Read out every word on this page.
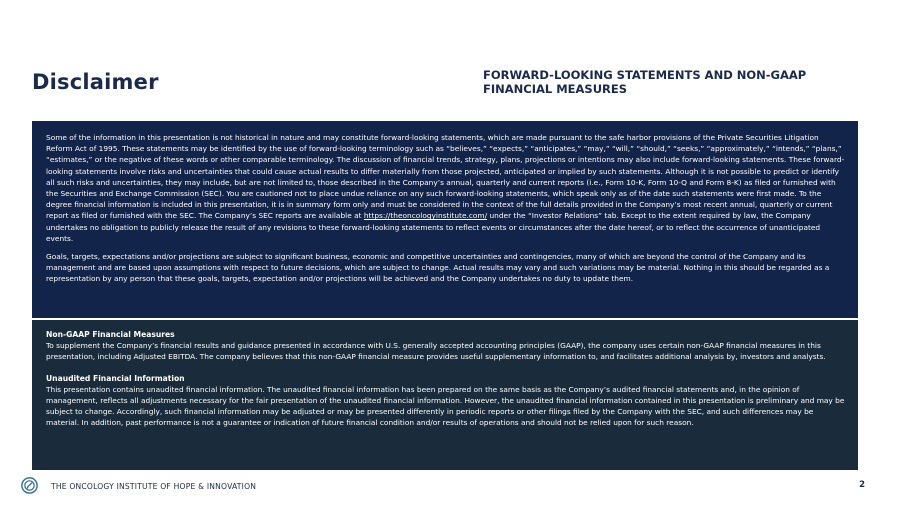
Disclaimer	FORWARD-LOOKING STATEMENTS AND NON-GAAP FINANCIAL MEASURES

Some of the information in this presentation is not historical in nature and may constitute forward-looking statements, which are made pursuant to the safe harbor provisions of the Private Securities Litigation Reform Act of 1995. These statements may be identified by the use of forward-looking terminology such as “believes,” “expects,” “anticipates,” “may,” “will,” “should,” “seeks,” “approximately,” “intends,” “plans,” “estimates,” or the negative of these words or other comparable terminology. The discussion of financial trends, strategy, plans, projections or intentions may also include forward-looking statements. These forward-looking statements involve risks and uncertainties that could cause actual results to differ materially from those projected, anticipated or implied by such statements. Although it is not possible to predict or identify all such risks and uncertainties, they may include, but are not limited to, those described in the Company’s annual, quarterly and current reports (i.e., Form 10-K, Form 10-Q and Form 8-K) as filed or furnished with the Securities and Exchange Commission (SEC). You are cautioned not to place undue reliance on any such forward-looking statements, which speak only as of the date such statements were first made. To the degree financial information is included in this presentation, it is in summary form only and must be considered in the context of the full details provided in the Company’s most recent annual, quarterly or current report as filed or furnished with the SEC. The Company’s SEC reports are available at https://theoncologyinstitute.com/ under the “Investor Relations” tab. Except to the extent required by law, the Company undertakes no obligation to publicly release the result of any revisions to these forward-looking statements to reflect events or circumstances after the date hereof, or to reflect the occurrence of unanticipated events.

Goals, targets, expectations and/or projections are subject to significant business, economic and competitive uncertainties and contingencies, many of which are beyond the control of the Company and its management and are based upon assumptions with respect to future decisions, which are subject to change. Actual results may vary and such variations may be material. Nothing in this should be regarded as a representation by any person that these goals, targets, expectation and/or projections will be achieved and the Company undertakes no duty to update them.

Non-GAAP Financial Measures

To supplement the Company’s financial results and guidance presented in accordance with U.S. generally accepted accounting principles (GAAP), the company uses certain non-GAAP financial measures in this presentation, including Adjusted EBITDA. The company believes that this non-GAAP financial measure provides useful supplementary information to, and facilitates additional analysis by, investors and analysts.

Unaudited Financial Information

This presentation contains unaudited financial information. The unaudited financial information has been prepared on the same basis as the Company’s audited financial statements and, in the opinion of management, reflects all adjustments necessary for the fair presentation of the unaudited financial information. However, the unaudited financial information contained in this presentation is preliminary and may be subject to change. Accordingly, such financial information may be adjusted or may be presented differently in periodic reports or other filings filed by the Company with the SEC, and such differences may be material. In addition, past performance is not a guarantee or indication of future financial condition and/or results of operations and should not be relied upon for such reason.

THE ONCOLOGY INSTITUTE OF HOPE & INNOVATION	2
